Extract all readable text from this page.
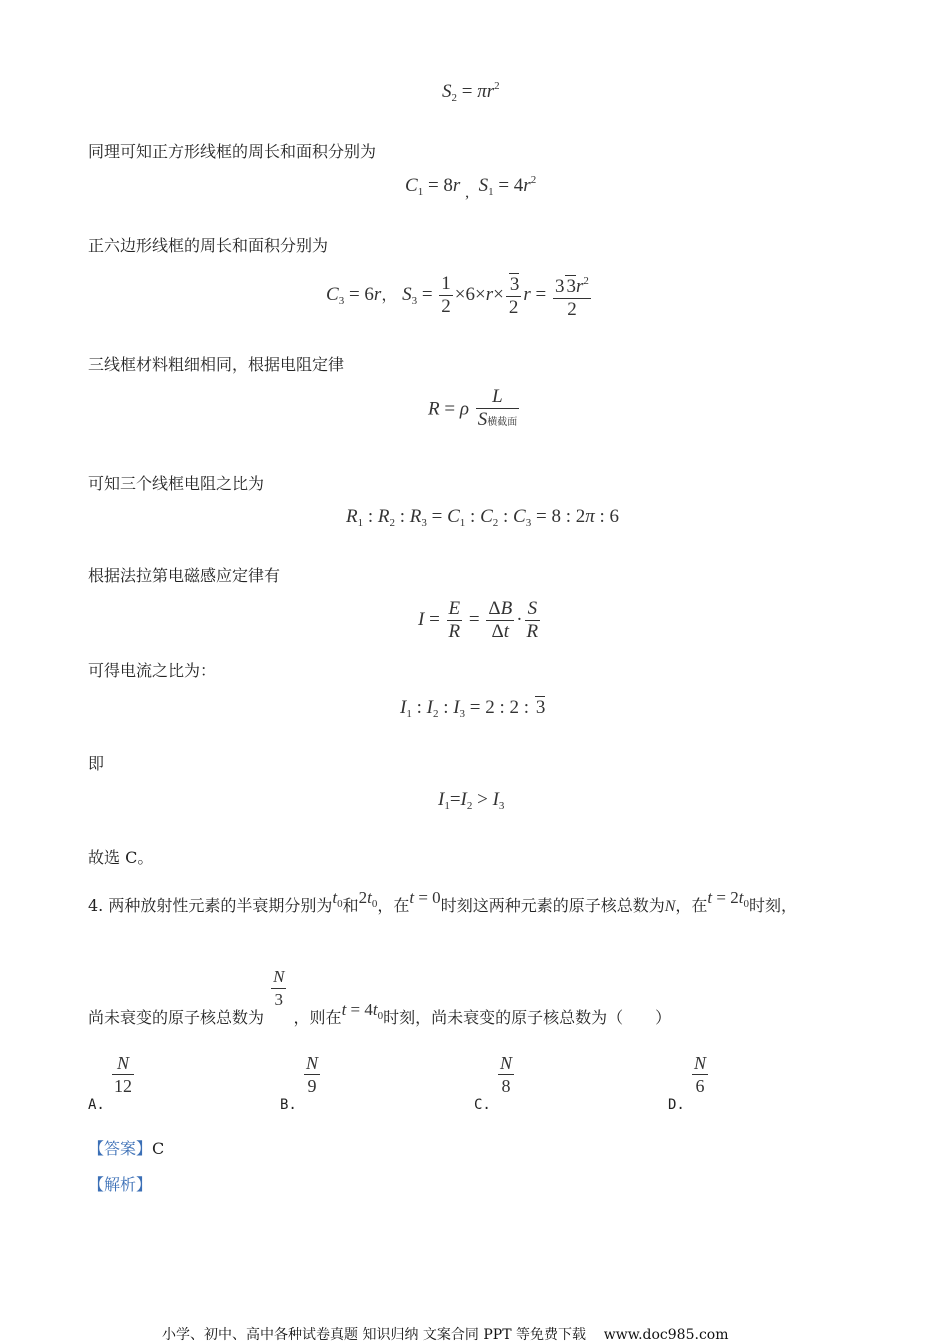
$S_2 = \pi r^2$
同理可知正方形线框的周长和面积分别为
$C_1 = 8r$ $_,$ $S_1 = 4r^2$
正六边形线框的周长和面积分别为
$C_3 = 6r$， $S_3 = \frac{1}{2} \times 6\times r\times \frac{3}{2}$ $r = \frac{3 3r^2}{2}$
三线框材料粗细相同，根据电阻定律
R = ρ $\frac{L}{\text{S横截面}}$
可知三个线框电阻之比为
$R_1$ : $R_2$ : $R_3 = C_1$ : $C_2$ : $C_3 = 8$ : 2π : 6
根据法拉第电磁感应定律有
$I = \frac{E}{R} = \frac{\Delta B}{\Delta t} \cdot \frac{S}{R}$
可得电流之比为：
$I_1$ : $I_2$ : $I_3 = 2$ : 2 : 3
即
$I_1=I_2 > I_3$
故选 C。
4. 两种放射性元素的半衰期分别为$t_0$和$2t_0$，在t = 0时刻这两种元素的原子核总数为N，在$t = 2t_0$时刻，
尚未衰变的原子核总数为
$\frac{N}{3}$
，则在$t = 4t_0$时刻，尚未衰变的原子核总数为（　　）
A.
$\frac{N}{12}$
B.
$\frac{N}{9}$
C.
$\frac{N}{8}$
D.
$\frac{N}{6}$
【答案】C
【解析】
小学、初中、高中各种试卷真题 知识归纳 文案合同 PPT 等免费下载 www.doc985.com
